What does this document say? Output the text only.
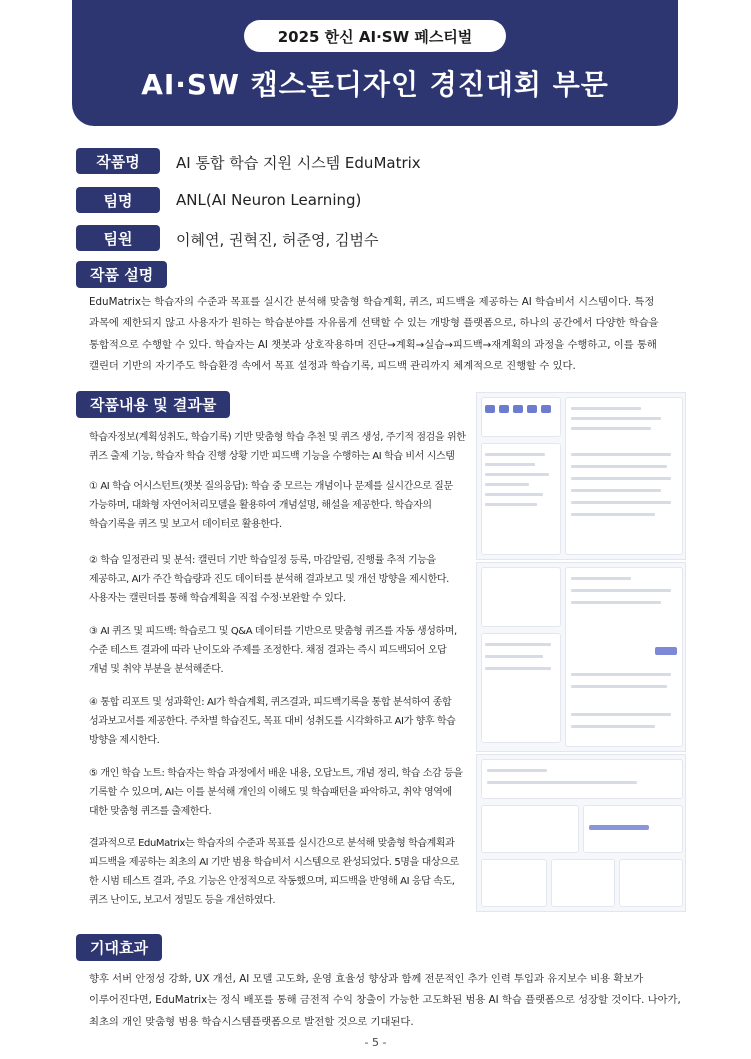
2025 한신 AI·SW 페스티벌
AI·SW 캡스톤디자인 경진대회 부문
작품명	AI 통합 학습 지원 시스템 EduMatrix
팀명	ANL(AI Neuron Learning)
팀원	이혜연, 권혁진, 허준영, 김범수
작품 설명

EduMatrix는 학습자의 수준과 목표를 실시간 분석해 맞춤형 학습계획, 퀴즈, 피드백을 제공하는 AI 학습비서 시스템이다. 특정

과목에 제한되지 않고 사용자가 원하는 학습분야를 자유롭게 선택할 수 있는 개방형 플랫폼으로, 하나의 공간에서 다양한 학습을

통합적으로 수행할 수 있다. 학습자는 AI 챗봇과 상호작용하며 진단→계획→실습→피드백→재계획의 과정을 수행하고, 이를 통해

캘린더 기반의 자기주도 학습환경 속에서 목표 설정과 학습기록, 피드백 관리까지 체계적으로 진행할 수 있다.

작품내용 및 결과물

학습자정보(계획성취도, 학습기록) 기반 맞춤형 학습 추천 및 퀴즈 생성, 주기적 점검을 위한

퀴즈 출제 기능, 학습자 학습 진행 상황 기반 피드백 기능을 수행하는 AI 학습 비서 시스템

① AI 학습 어시스턴트(챗봇 질의응답): 학습 중 모르는 개념이나 문제를 실시간으로 질문

가능하며, 대화형 자연어처리모델을 활용하여 개념설명, 해설을 제공한다. 학습자의

학습기록을 퀴즈 및 보고서 데이터로 활용한다.

② 학습 일정관리 및 분석: 캘린더 기반 학습일정 등록, 마감알림, 진행률 추적 기능을

제공하고, AI가 주간 학습량과 진도 데이터를 분석해 결과보고 및 개선 방향을 제시한다.

사용자는 캘린더를 통해 학습계획을 직접 수정·보완할 수 있다.

③ AI 퀴즈 및 피드백: 학습로그 및 Q&A 데이터를 기반으로 맞춤형 퀴즈를 자동 생성하며,

수준 테스트 결과에 따라 난이도와 주제를 조정한다. 채점 결과는 즉시 피드백되어 오답

개념 및 취약 부분을 분석해준다.

④ 통합 리포트 및 성과확인: AI가 학습계획, 퀴즈결과, 피드백기록을 통합 분석하여 종합

성과보고서를 제공한다. 주차별 학습진도, 목표 대비 성취도를 시각화하고 AI가 향후 학습

방향을 제시한다.

⑤ 개인 학습 노트: 학습자는 학습 과정에서 배운 내용, 오답노트, 개념 정리, 학습 소감 등을

기록할 수 있으며, AI는 이를 분석해 개인의 이해도 및 학습패턴을 파악하고, 취약 영역에

대한 맞춤형 퀴즈를 출제한다.

결과적으로 EduMatrix는 학습자의 수준과 목표를 실시간으로 분석해 맞춤형 학습계획과

피드백을 제공하는 최초의 AI 기반 범용 학습비서 시스템으로 완성되었다. 5명을 대상으로

한 시범 테스트 결과, 주요 기능은 안정적으로 작동했으며, 피드백을 반영해 AI 응답 속도,

퀴즈 난이도, 보고서 정밀도 등을 개선하였다.

기대효과

향후 서버 안정성 강화, UX 개선, AI 모델 고도화, 운영 효율성 향상과 함께 전문적인 추가 인력 투입과 유지보수 비용 확보가

이루어진다면, EduMatrix는 정식 배포를 통해 금전적 수익 창출이 가능한 고도화된 범용 AI 학습 플랫폼으로 성장할 것이다. 나아가,

최초의 개인 맞춤형 범용 학습시스템플랫폼으로 발전할 것으로 기대된다.

- 5 -
